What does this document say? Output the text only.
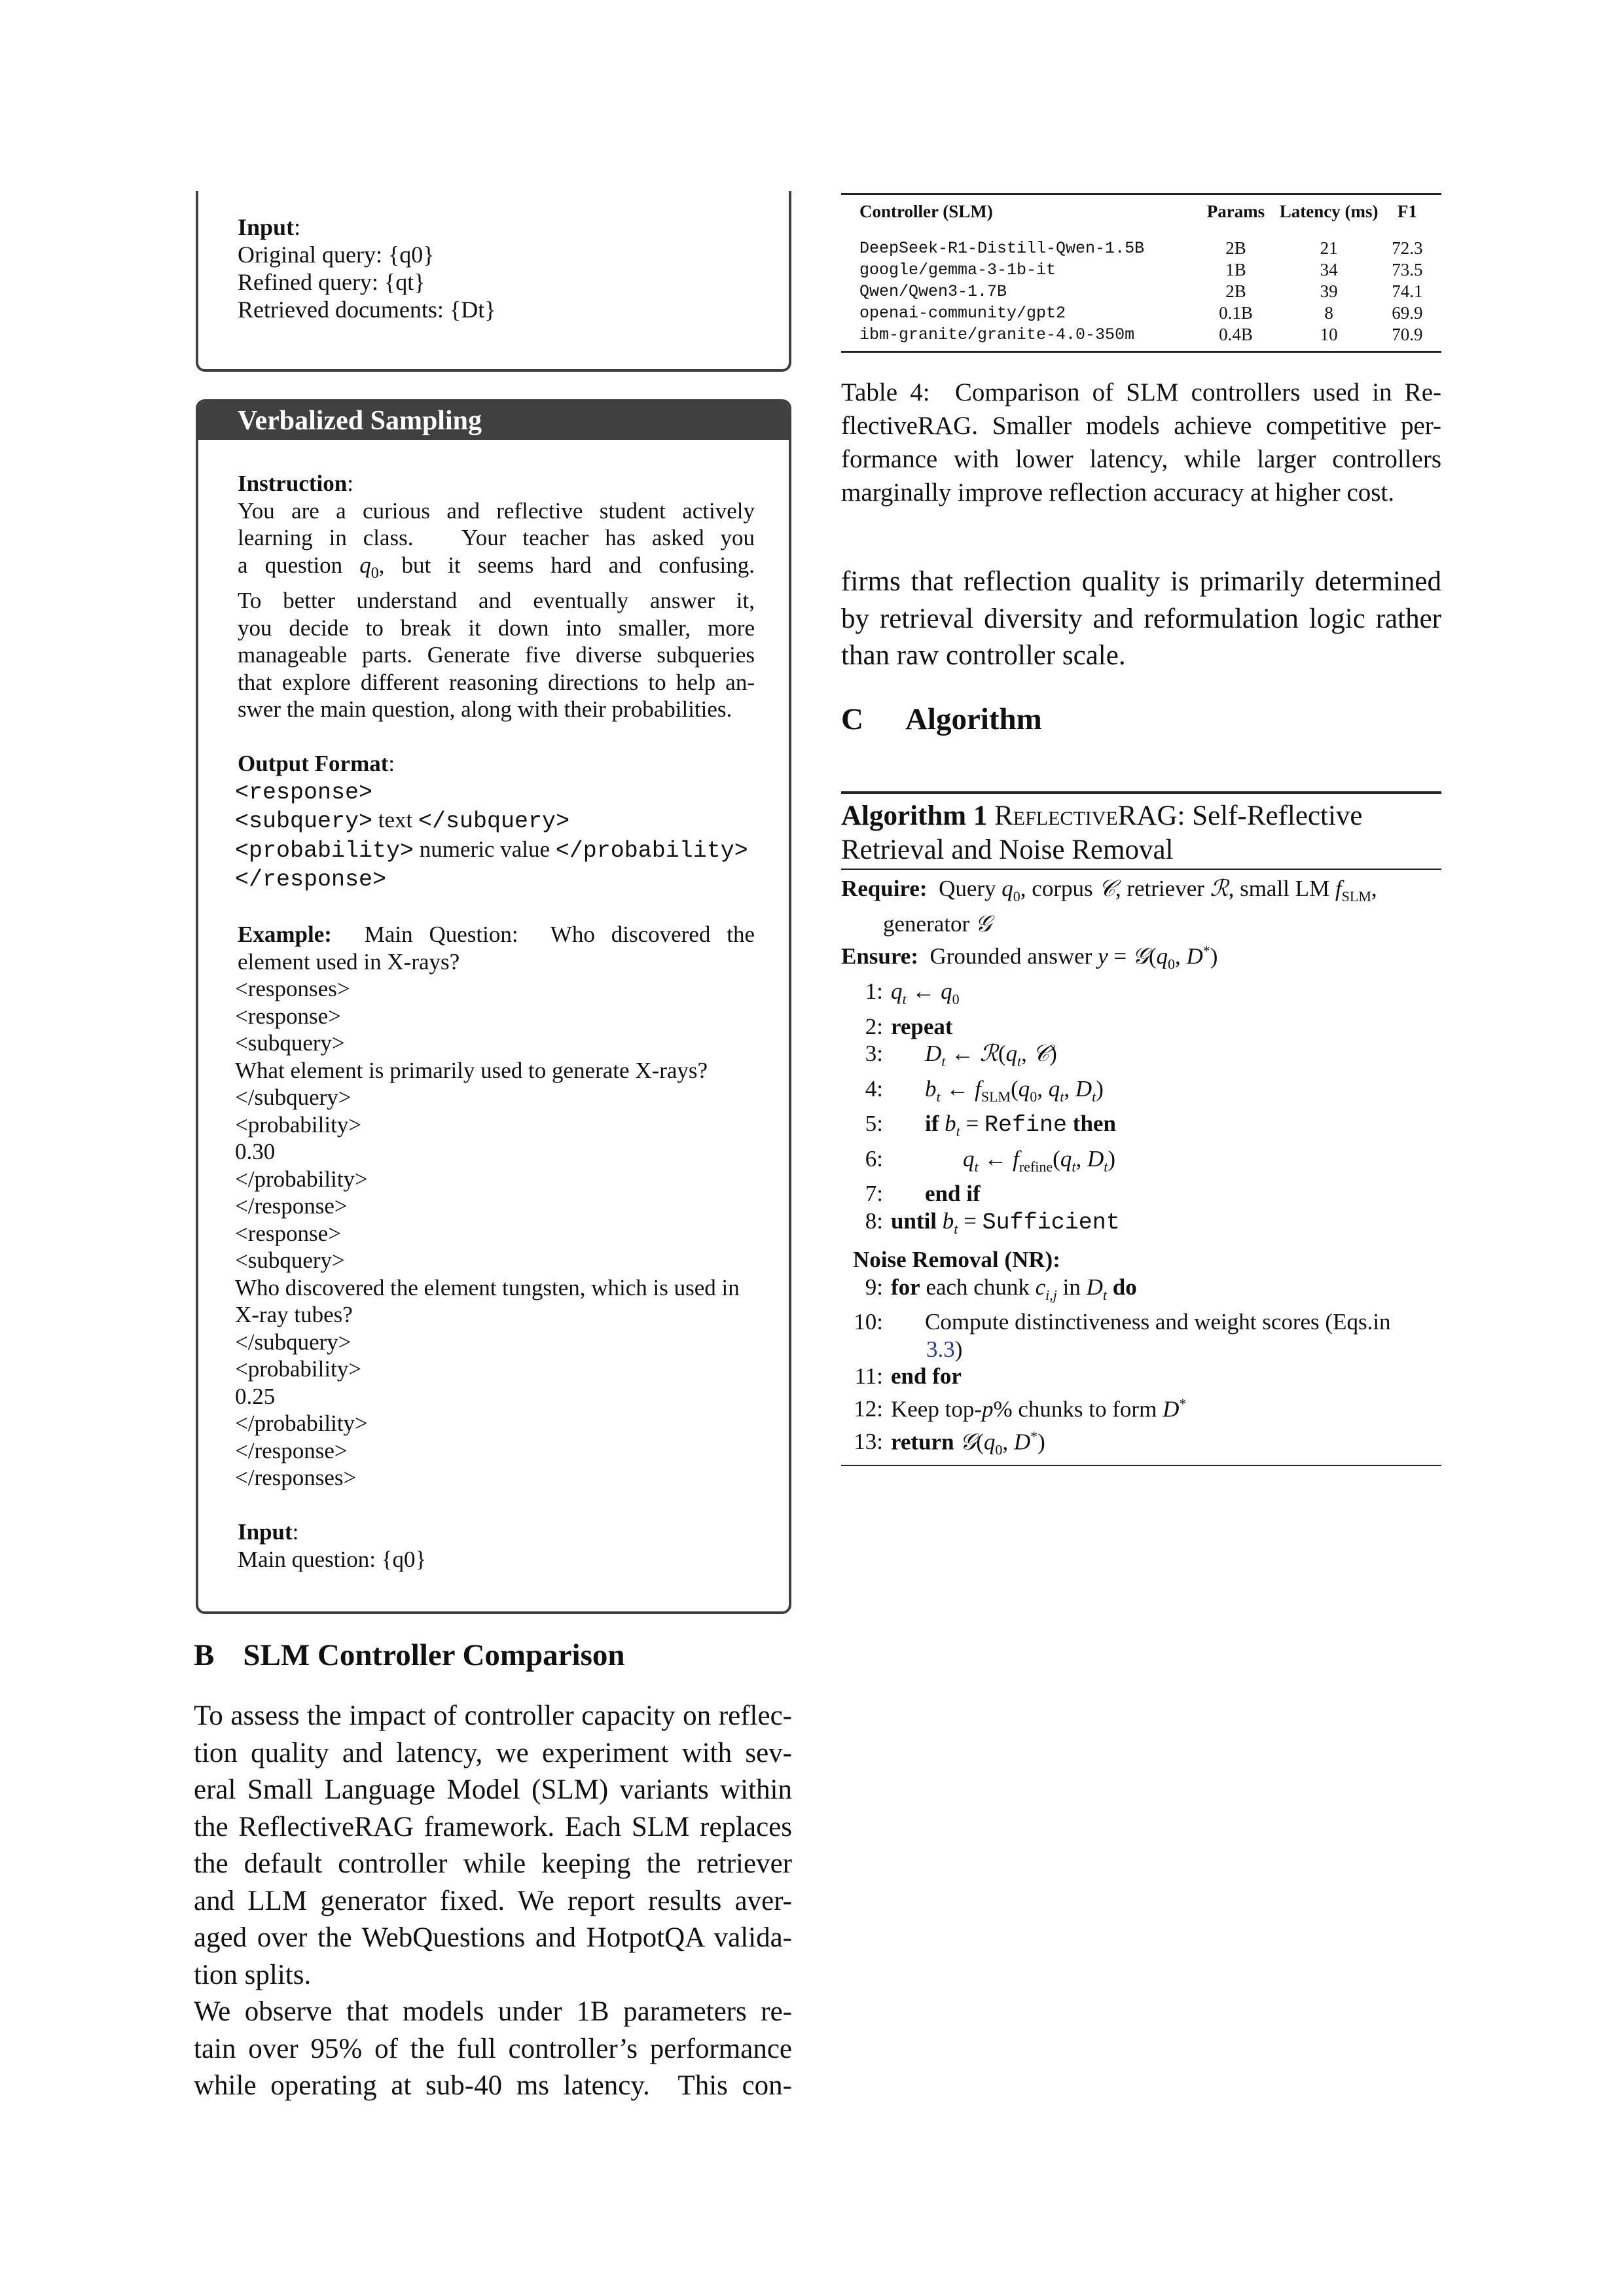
Input:
Original query: {q0}
Refined query: {qt}
Retrieved documents: {Dt}
Verbalized Sampling
Instruction:
You are a curious and reflective student actively
learning in class.   Your teacher has asked you
a question $q_0$, but it seems hard and confusing.
To better understand and eventually answer it,
you decide to break it down into smaller, more
manageable parts. Generate five diverse subqueries
that explore different reasoning directions to help an-
swer the main question, along with their probabilities.
Output Format:
<response>
<subquery> text </subquery>
<probability> numeric value </probability>
</response>
Example:  Main Question:  Who discovered the
element used in X-rays?
<responses>
<response>
<subquery>
What element is primarily used to generate X-rays?
</subquery>
<probability>
0.30
</probability>
</response>
<response>
<subquery>
Who discovered the element tungsten, which is used in X-ray tubes?
</subquery>
<probability>
0.25
</probability>
</response>
</responses>
Input:
Main question: {q0}
B SLM Controller Comparison
To assess the impact of controller capacity on reflec-
tion quality and latency, we experiment with sev-
eral Small Language Model (SLM) variants within
the ReflectiveRAG framework. Each SLM replaces
the default controller while keeping the retriever
and LLM generator fixed. We report results aver-
aged over the WebQuestions and HotpotQA valida-
tion splits.
We observe that models under 1B parameters re-
tain over 95% of the full controller’s performance
while operating at sub-40 ms latency.  This con-
Controller (SLM)	Params	Latency (ms)	F1
DeepSeek-R1-Distill-Qwen-1.5B	2B	21	72.3
google/gemma-3-1b-it	1B	34	73.5
Qwen/Qwen3-1.7B	2B	39	74.1
openai-community/gpt2	0.1B	8	69.9
ibm-granite/granite-4.0-350m	0.4B	10	70.9
Table 4:  Comparison of SLM controllers used in Re-
flectiveRAG. Smaller models achieve competitive per-
formance with lower latency, while larger controllers
marginally improve reflection accuracy at higher cost.
firms that reflection quality is primarily determined
by retrieval diversity and reformulation logic rather
than raw controller scale.
C Algorithm
Algorithm 1 ReflectiveRAG: Self-Reflective
Retrieval and Noise Removal
Require:  Query $q_0$, corpus 𝒞, retriever ℛ, small LM $f_{SLM}$,
generator 𝒢
Ensure:  Grounded answer $y = 𝒢(q_0$, D*)
1: $q_t$ ← $q_0$
2: repeat
3: $D_t$ ← $ℛ(q_t$, 𝒞)
4: $b_t$ ← $f_{SLM}(q_0$, $q_t$, $D_t$)
5: if $b_t$ = Refine then
6:	$q_t$ ← $f_{refine}(q_t$, $D_t$)
7: end if
8: until $b_t$ = Sufficient
Noise Removal (NR):
9: for each chunk $c_{i,j}$ in $D_t$ do
10: Compute distinctiveness and weight scores (Eqs.in
3.3)
11: end for
12: Keep top-p% chunks to form D*
13: return $𝒢(q_0$, D*)
